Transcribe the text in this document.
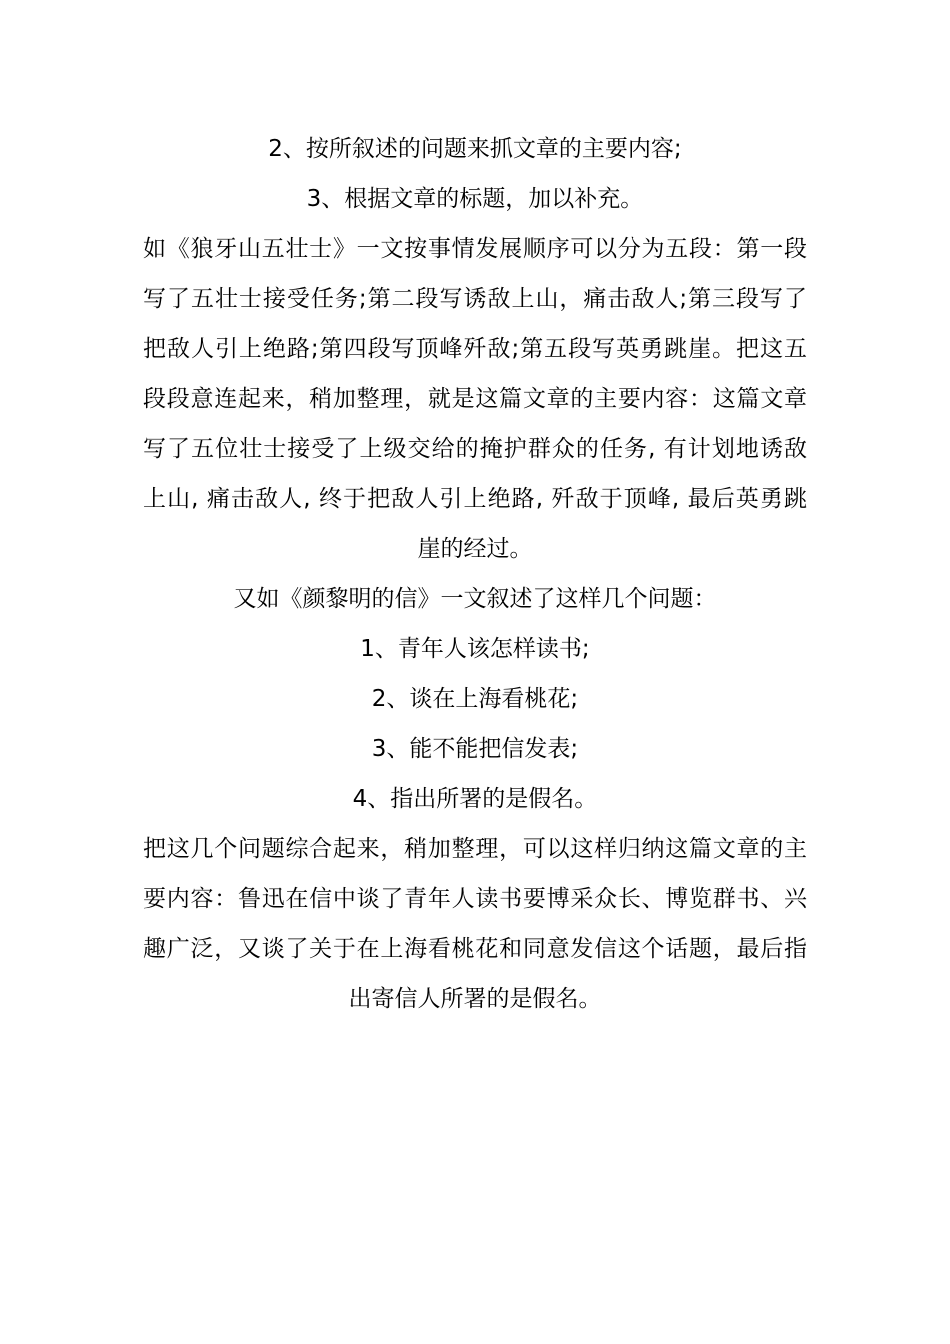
2、按所叙述的问题来抓文章的主要内容;
3、根据文章的标题，加以补充。
如《狼牙山五壮士》一文按事情发展顺序可以分为五段：第一段
写了五壮士接受任务;第二段写诱敌上山，痛击敌人;第三段写了
把敌人引上绝路;第四段写顶峰歼敌;第五段写英勇跳崖。把这五
段段意连起来，稍加整理，就是这篇文章的主要内容：这篇文章
写了五位壮士接受了上级交给的掩护群众的任务, 有计划地诱敌
上山, 痛击敌人, 终于把敌人引上绝路, 歼敌于顶峰, 最后英勇跳
崖的经过。
又如《颜黎明的信》一文叙述了这样几个问题：
1、青年人该怎样读书;
2、谈在上海看桃花;
3、能不能把信发表;
4、指出所署的是假名。
把这几个问题综合起来，稍加整理，可以这样归纳这篇文章的主
要内容：鲁迅在信中谈了青年人读书要博采众长、博览群书、兴
趣广泛，又谈了关于在上海看桃花和同意发信这个话题，最后指
出寄信人所署的是假名。
